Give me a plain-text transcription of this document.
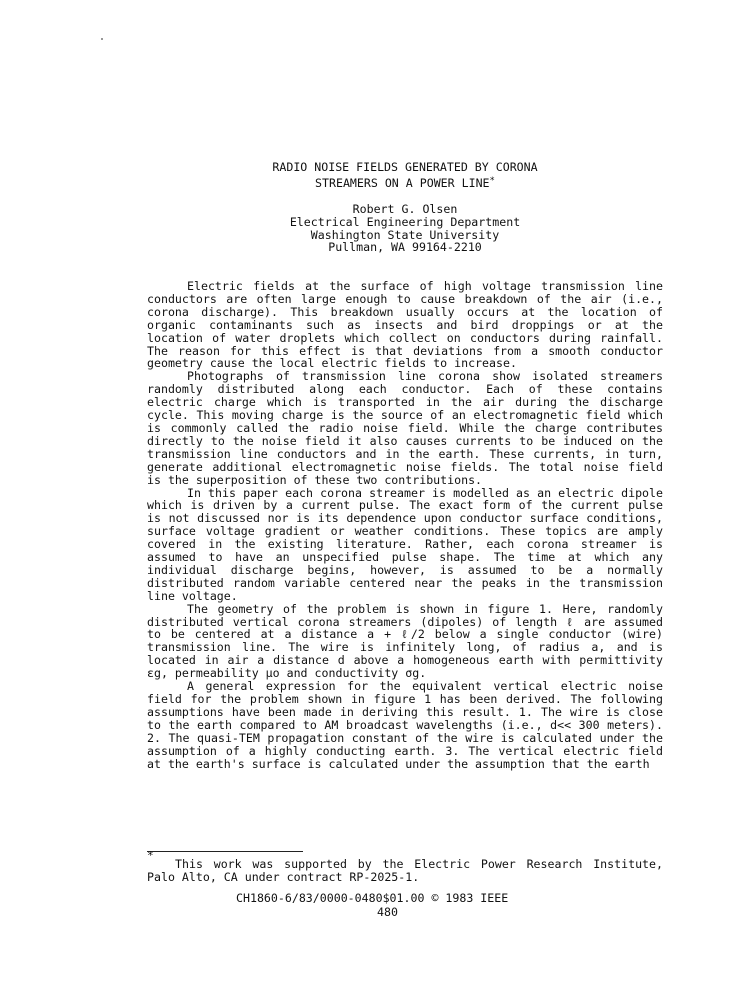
RADIO NOISE FIELDS GENERATED BY CORONA
STREAMERS ON A POWER LINE*
Robert G. Olsen
Electrical Engineering Department
Washington State University
Pullman, WA 99164-2210

Electric fields at the surface of high voltage transmission line conductors are often large enough to cause breakdown of the air (i.e., corona discharge). This breakdown usually occurs at the location of organic contaminants such as insects and bird droppings or at the location of water droplets which collect on conductors during rainfall. The reason for this effect is that deviations from a smooth conductor geometry cause the local electric fields to increase.

Photographs of transmission line corona show isolated streamers randomly distributed along each conductor. Each of these contains electric charge which is transported in the air during the discharge cycle. This moving charge is the source of an electromagnetic field which is commonly called the radio noise field. While the charge contributes directly to the noise field it also causes currents to be induced on the transmission line conductors and in the earth. These currents, in turn, generate additional electromagnetic noise fields. The total noise field is the superposition of these two contributions.

In this paper each corona streamer is modelled as an electric dipole which is driven by a current pulse. The exact form of the current pulse is not discussed nor is its dependence upon conductor surface conditions, surface voltage gradient or weather conditions. These topics are amply covered in the existing literature. Rather, each corona streamer is assumed to have an unspecified pulse shape. The time at which any individual discharge begins, however, is assumed to be a normally distributed random variable centered near the peaks in the transmission line voltage.

The geometry of the problem is shown in figure 1. Here, randomly distributed vertical corona streamers (dipoles) of length ℓ are assumed to be centered at a distance a + ℓ/2 below a single conductor (wire) transmission line. The wire is infinitely long, of radius a, and is located in air a distance d above a homogeneous earth with permittivity εg, permeability μo and conductivity σg.

A general expression for the equivalent vertical electric noise field for the problem shown in figure 1 has been derived. The following assumptions have been made in deriving this result. 1. The wire is close to the earth compared to AM broadcast wavelengths (i.e., d<< 300 meters). 2. The quasi-TEM propagation constant of the wire is calculated under the assumption of a highly conducting earth. 3. The vertical electric field at the earth's surface is calculated under the assumption that the earth

*

This work was supported by the Electric Power Research Institute, Palo Alto, CA under contract RP-2025-1.

CH1860-6/83/0000-0480$01.00 © 1983 IEEE
480
